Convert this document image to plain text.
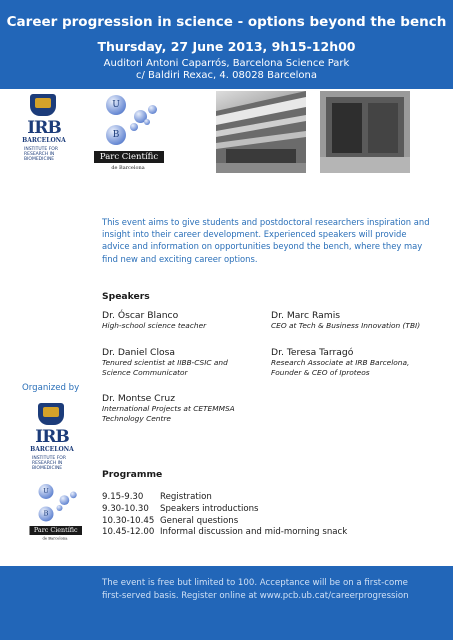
Career progression in science - options beyond the bench
Thursday, 27 June 2013, 9h15-12h00
Auditori Antoni Caparrós, Barcelona Science Park
c/ Baldiri Rexac, 4. 08028 Barcelona
IRB
BARCELONA
INSTITUTE FOR RESEARCH IN BIOMEDICINE
U
B
Parc Científic
de Barcelona
This event aims to give students and postdoctoral researchers inspiration and insight into their career development. Experienced speakers will provide advice and information on opportunities beyond the bench, where they may find new and exciting career options.
Speakers
Dr. Óscar Blanco
High-school science teacher
Dr. Daniel Closa
Tenured scientist at IIBB-CSIC and Science Communicator
Dr. Montse Cruz
International Projects at CETEMMSA Technology Centre
Dr. Marc Ramis
CEO at Tech & Business Innovation (TBI)
Dr. Teresa Tarragó
Research Associate at IRB Barcelona, Founder & CEO of Iproteos
Organized by
IRB
BARCELONA
INSTITUTE FOR RESEARCH IN BIOMEDICINE
U
B
Parc Científic
de Barcelona
Programme
9.15-9.30	Registration
9.30-10.30	Speakers introductions
10.30-10.45 General questions
10.45-12.00 Informal discussion and mid-morning snack
The event is free but limited to 100. Acceptance will be on a first-come
first-served basis. Register online at www.pcb.ub.cat/careerprogression
